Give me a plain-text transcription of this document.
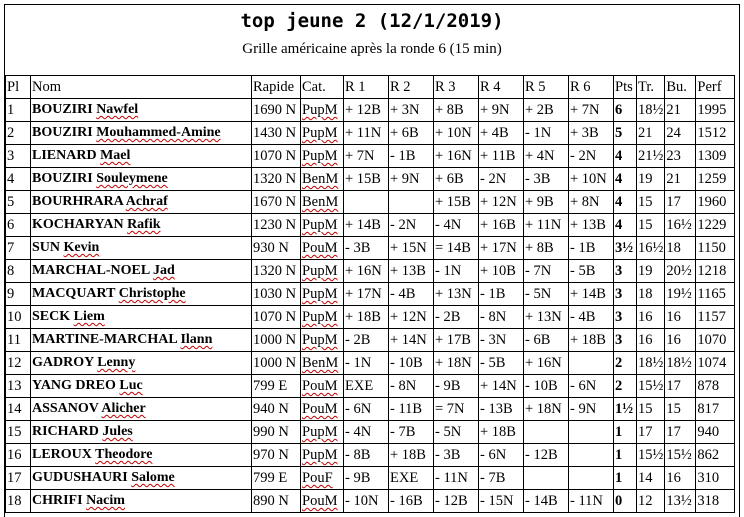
top jeune 2 (12/1/2019)
Grille américaine après la ronde 6 (15 min)
Pl	Nom	Rapide	Cat.	R 1	R 2	R 3	R 4	R 5	R 6	Pts	Tr.	Bu.	Perf
1	BOUZIRI Nawfel	1690 N	PupM	+ 12B	+ 3N	+ 8B	+ 9N	+ 2B	+ 7N	6	18½	21	1995
2	BOUZIRI Mouhammed-Amine	1430 N	PupM	+ 11N	+ 6B	+ 10N	+ 4B	- 1N	+ 3B	5	21	24	1512
3	LIENARD Mael	1070 N	PupM	+ 7N	- 1B	+ 16N	+ 11B	+ 4N	- 2N	4	21½	23	1309
4	BOUZIRI Souleymene	1320 N	BenM	+ 15B	+ 9N	+ 6B	- 2N	- 3B	+ 10N	4	19	21	1259
5	BOURHRARA Achraf	1670 N	BenM			+ 15B	+ 12N	+ 9B	+ 8N	4	15	17	1960
6	KOCHARYAN Rafik	1230 N	PupM	+ 14B	- 2N	- 4N	+ 16B	+ 11N	+ 13B	4	15	16½	1229
7	SUN Kevin	930 N	PouM	- 3B	+ 15N	= 14B	+ 17N	+ 8B	- 1B	3½	16½	18	1150
8	MARCHAL-NOEL Jad	1320 N	PupM	+ 16N	+ 13B	- 1N	+ 10B	- 7N	- 5B	3	19	20½	1218
9	MACQUART Christophe	1030 N	PupM	+ 17N	- 4B	+ 13N	- 1B	- 5N	+ 14B	3	18	19½	1165
10	SECK Liem	1070 N	PupM	+ 18B	+ 12N	- 2B	- 8N	+ 13N	- 4B	3	16	16	1157
11	MARTINE-MARCHAL Ilann	1000 N	PupM	- 2B	+ 14N	+ 17B	- 3N	- 6B	+ 18B	3	16	16	1070
12	GADROY Lenny	1000 N	BenM	- 1N	- 10B	+ 18N	- 5B	+ 16N		2	18½	18½	1074
13	YANG DREO Luc	799 E	PouM	EXE	- 8N	- 9B	+ 14N	- 10B	- 6N	2	15½	17	878
14	ASSANOV Alicher	940 N	PouM	- 6N	- 11B	= 7N	- 13B	+ 18N	- 9N	1½	15	15	817
15	RICHARD Jules	990 N	PupM	- 4N	- 7B	- 5N	+ 18B			1	17	17	940
16	LEROUX Theodore	970 N	PupM	- 8B	+ 18B	- 3B	- 6N	- 12B		1	15½	15½	862
17	GUDUSHAURI Salome	799 E	PouF	- 9B	EXE	- 11N	- 7B			1	14	16	310
18	CHRIFI Nacim	890 N	PouM	- 10N	- 16B	- 12B	- 15N	- 14B	- 11N	0	12	13½	318
